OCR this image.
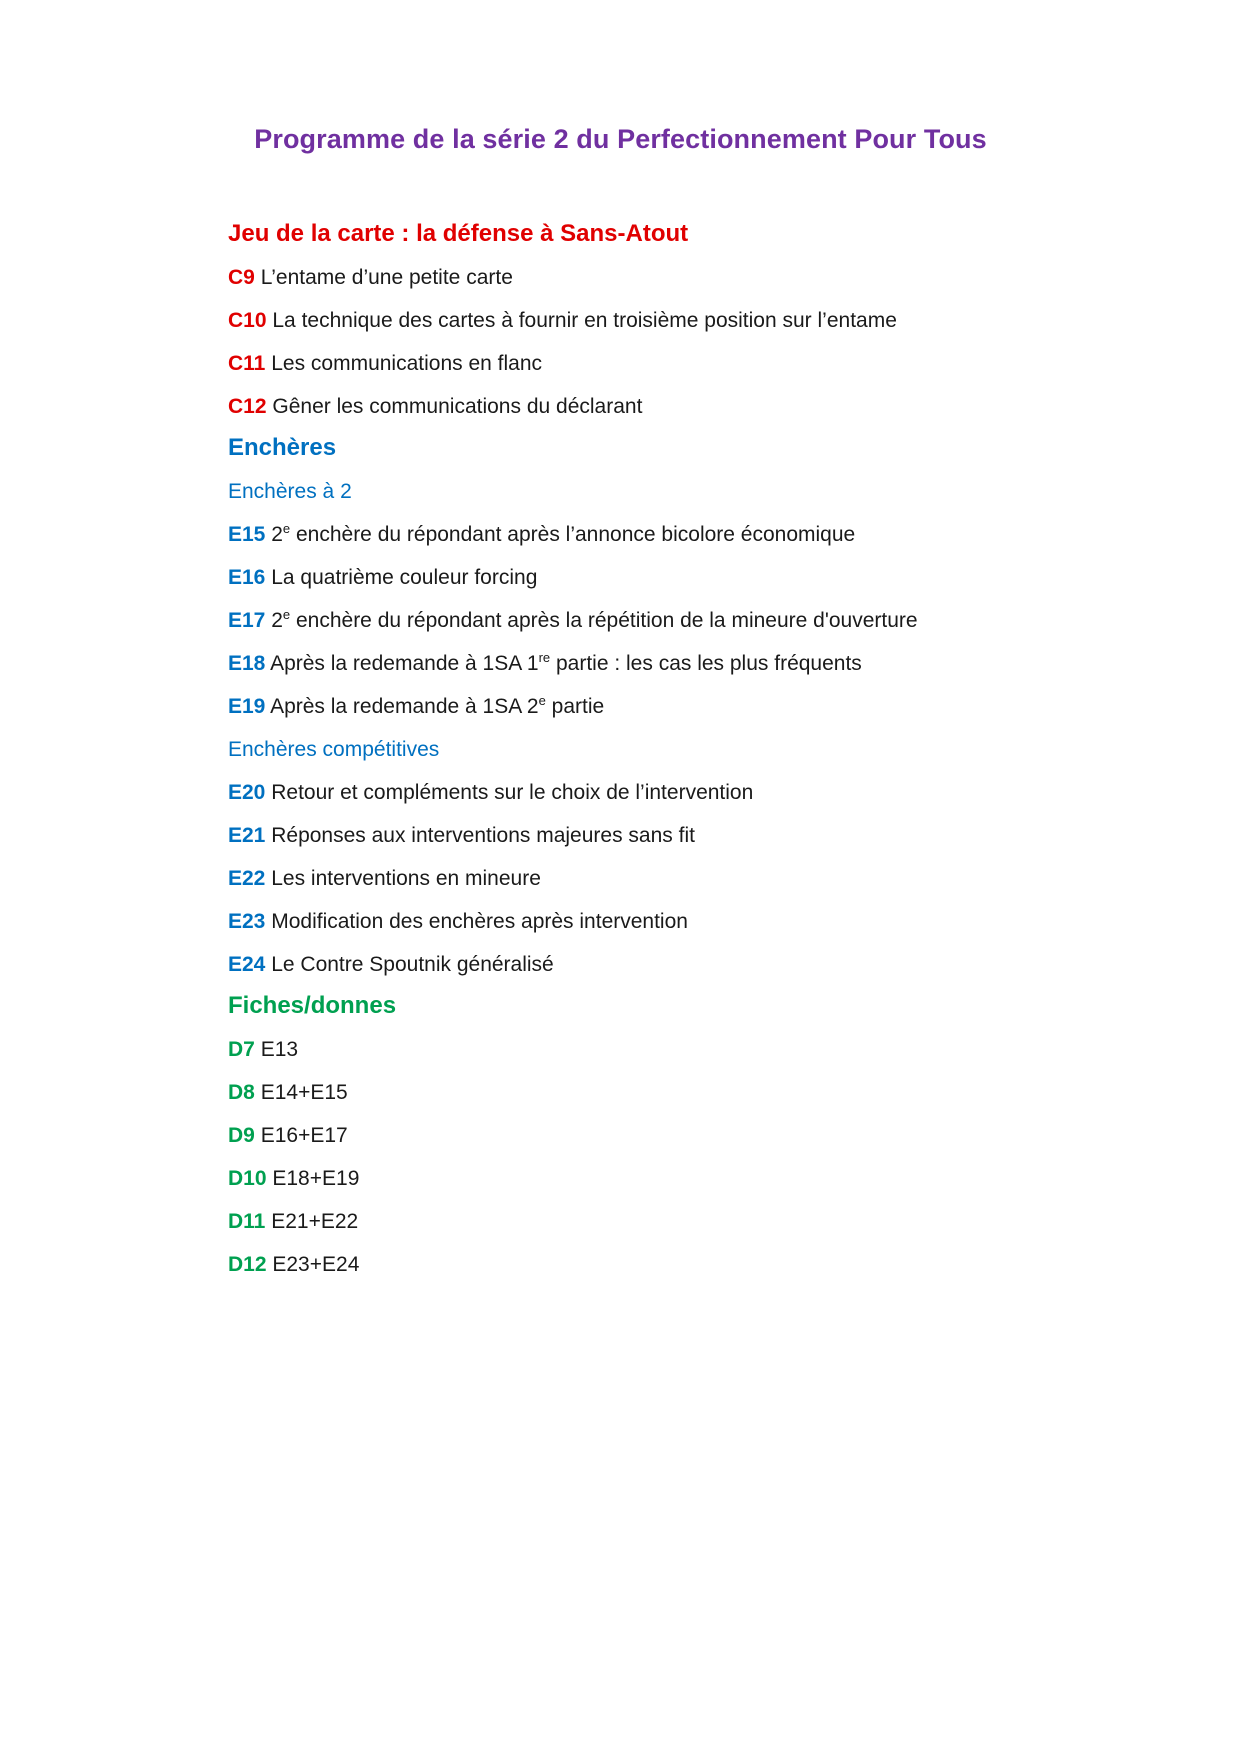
Programme de la série 2 du Perfectionnement Pour Tous
Jeu de la carte : la défense à Sans-Atout

C9 L’entame d’une petite carte

C10 La technique des cartes à fournir en troisième position sur l’entame

C11 Les communications en flanc

C12 Gêner les communications du déclarant

Enchères

Enchères à 2

E15 2e enchère du répondant après l’annonce bicolore économique

E16 La quatrième couleur forcing

E17 2e enchère du répondant après la répétition de la mineure d'ouverture

E18 Après la redemande à 1SA 1re partie : les cas les plus fréquents

E19 Après la redemande à 1SA 2e partie

Enchères compétitives

E20 Retour et compléments sur le choix de l’intervention

E21 Réponses aux interventions majeures sans fit

E22 Les interventions en mineure

E23 Modification des enchères après intervention

E24 Le Contre Spoutnik généralisé

Fiches/donnes

D7 E13

D8 E14+E15

D9 E16+E17

D10 E18+E19

D11 E21+E22

D12 E23+E24
